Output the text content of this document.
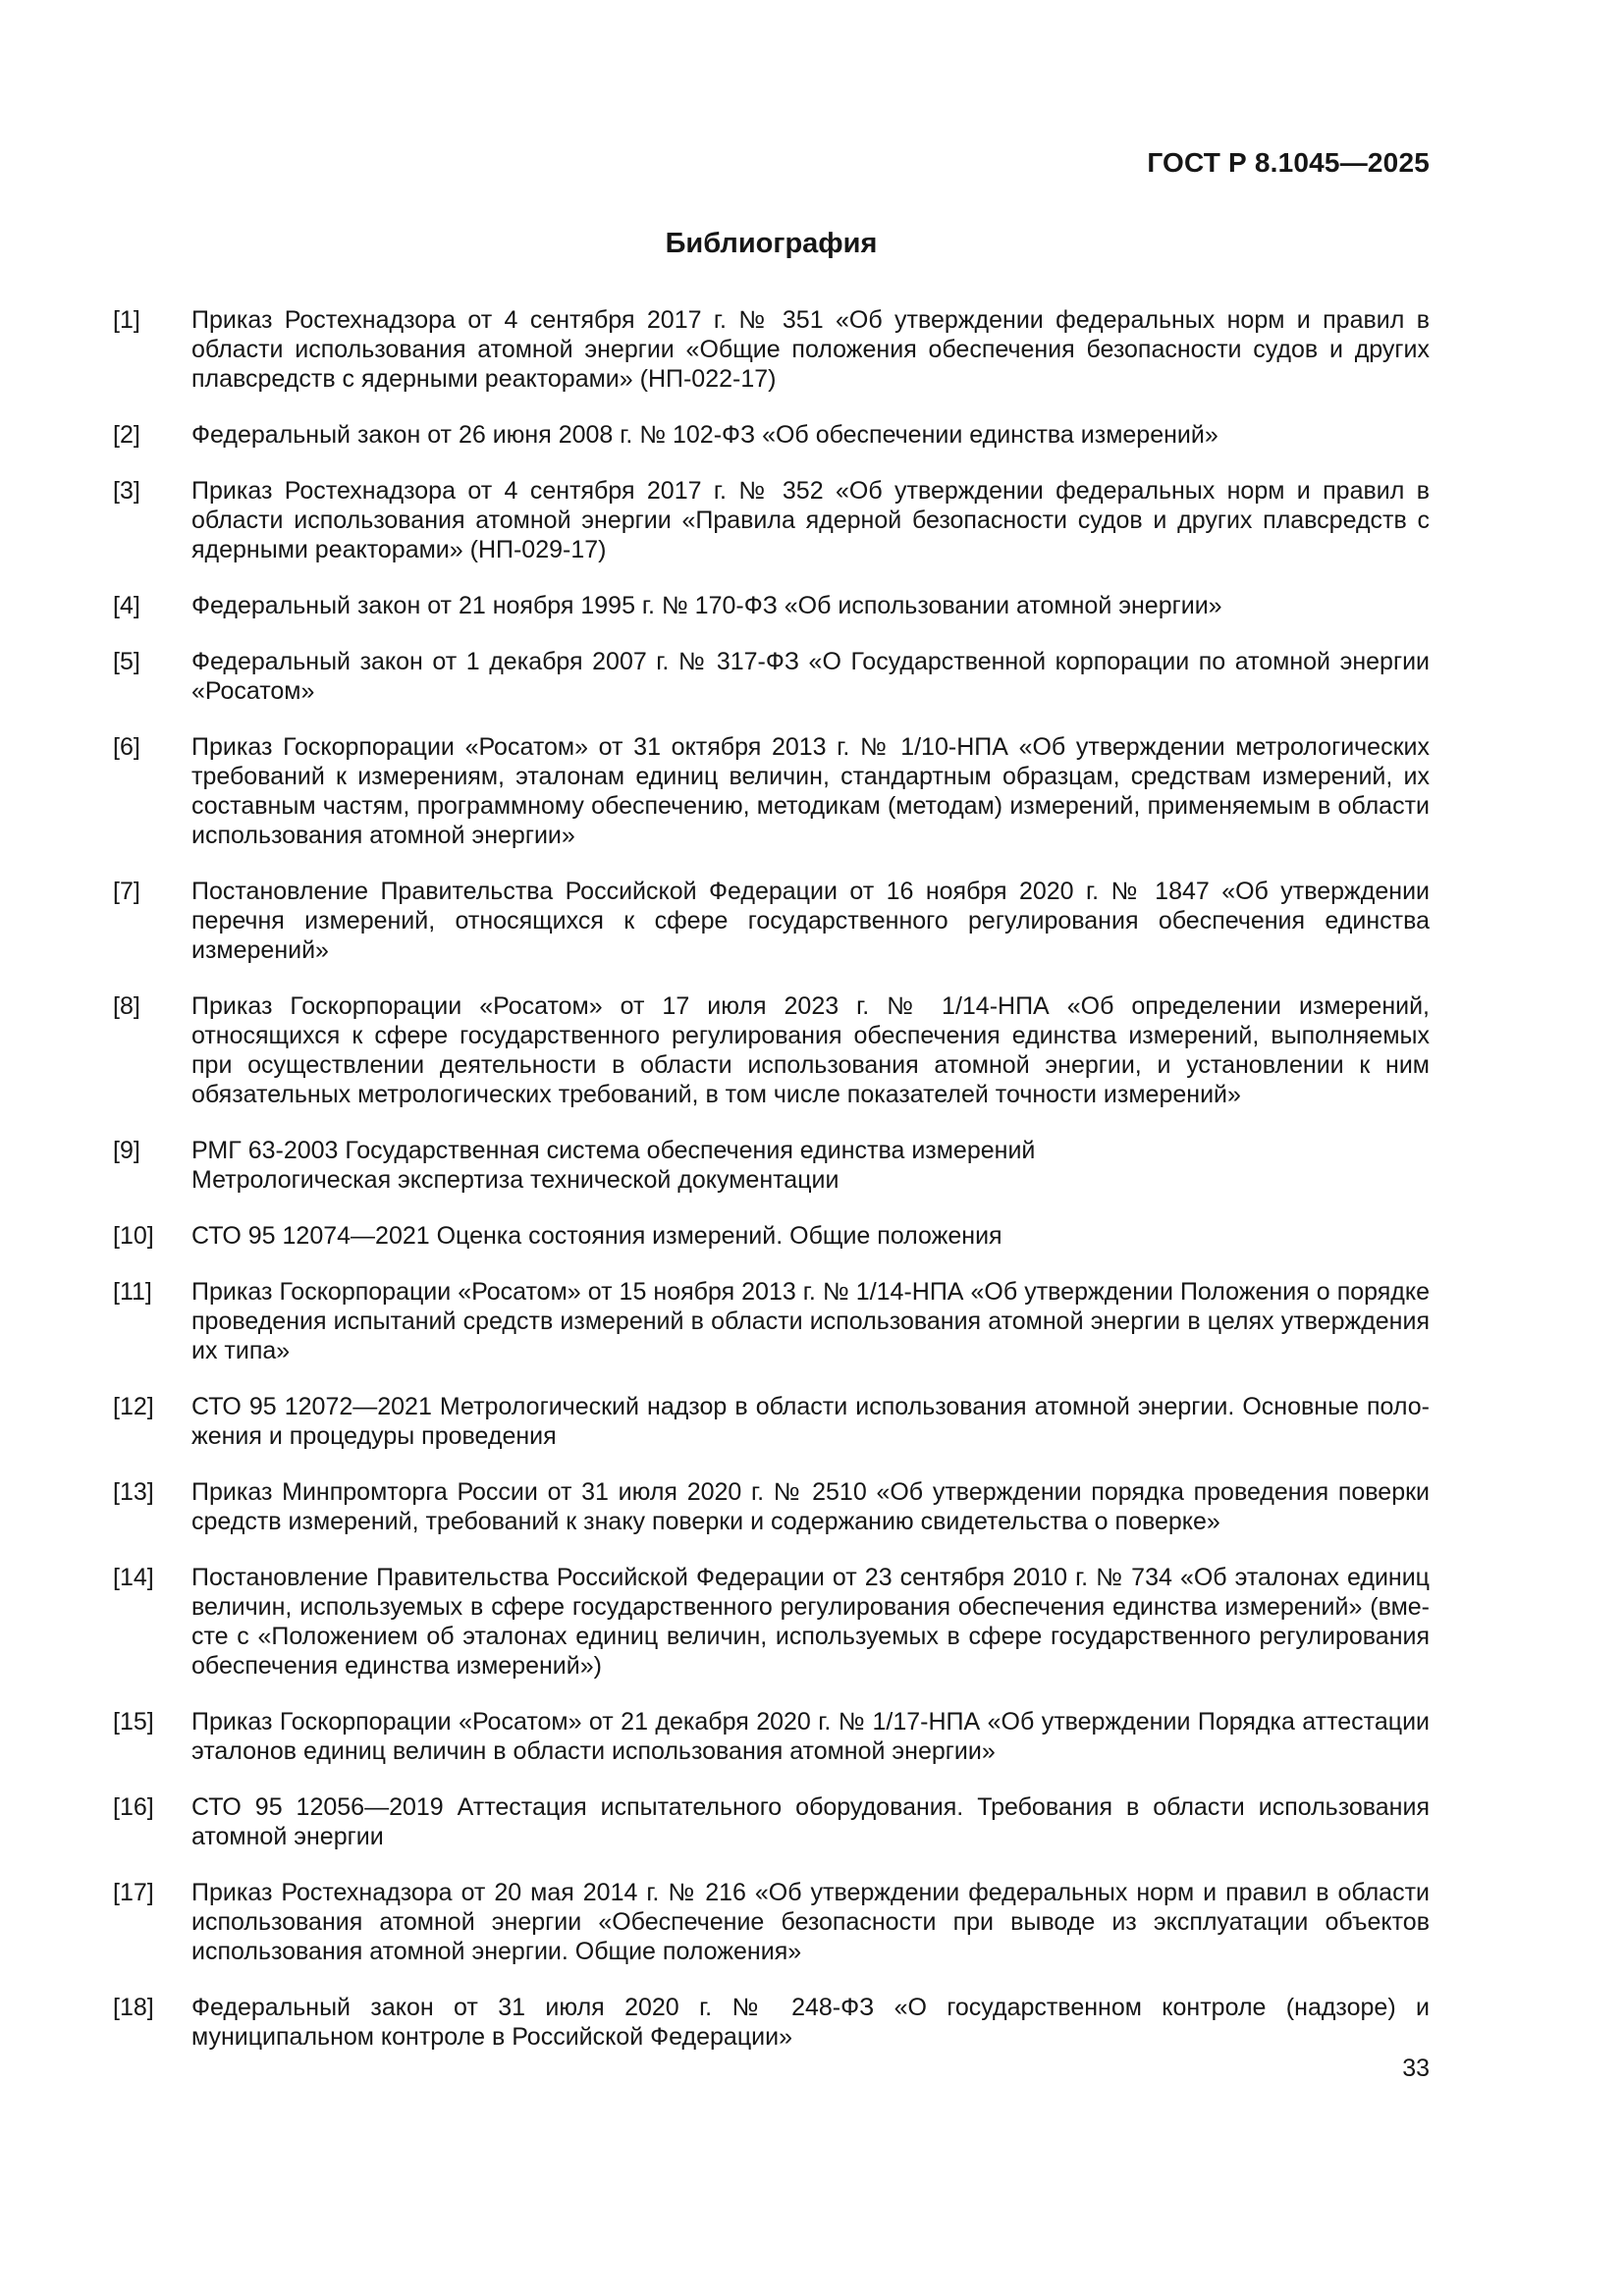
ГОСТ Р 8.1045—2025
Библиография
[1] Приказ Ростехнадзора от 4 сентября 2017 г. № 351 «Об утверждении федеральных норм и правил в области использования атомной энергии «Общие положения обеспечения безопасности судов и других плавсредств с ядерными реакторами» (НП-022-17)
[2] Федеральный закон от 26 июня 2008 г. № 102-ФЗ «Об обеспечении единства измерений»
[3] Приказ Ростехнадзора от 4 сентября 2017 г. № 352 «Об утверждении федеральных норм и правил в области использования атомной энергии «Правила ядерной безопасности судов и других плавсредств с ядерными реакторами» (НП-029-17)
[4] Федеральный закон от 21 ноября 1995 г. № 170-ФЗ «Об использовании атомной энергии»
[5] Федеральный закон от 1 декабря 2007 г. № 317-ФЗ «О Государственной корпорации по атомной энергии «Росатом»
[6] Приказ Госкорпорации «Росатом» от 31 октября 2013 г. № 1/10-НПА «Об утверждении метрологических требований к измерениям, эталонам единиц величин, стандартным образцам, средствам измерений, их составным частям, программному обеспечению, методикам (методам) измерений, применяемым в области использования атомной энергии»
[7] Постановление Правительства Российской Федерации от 16 ноября 2020 г. № 1847 «Об утверждении перечня измерений, относящихся к сфере государственного регулирования обеспечения единства измерений»
[8] Приказ Госкорпорации «Росатом» от 17 июля 2023 г. № 1/14-НПА «Об определении измерений, относящихся к сфере государственного регулирования обеспечения единства измерений, выполняемых при осуществлении деятельности в области использования атомной энергии, и установлении к ним обязательных метрологических требований, в том числе показателей точности измерений»
[9] РМГ 63-2003 Государственная система обеспечения единства измерений
Метрологическая экспертиза технической документации
[10] СТО 95 12074—2021 Оценка состояния измерений. Общие положения
[11] Приказ Госкорпорации «Росатом» от 15 ноября 2013 г. № 1/14-НПА «Об утверждении Положения о порядке проведения испытаний средств измерений в области использования атомной энергии в целях утверждения их типа»
[12] СТО 95 12072—2021 Метрологический надзор в области использования атомной энергии. Основные положения и процедуры проведения
[13] Приказ Минпромторга России от 31 июля 2020 г. № 2510 «Об утверждении порядка проведения поверки средств измерений, требований к знаку поверки и содержанию свидетельства о поверке»
[14] Постановление Правительства Российской Федерации от 23 сентября 2010 г. № 734 «Об эталонах единиц величин, используемых в сфере государственного регулирования обеспечения единства измерений» (вместе с «Положением об эталонах единиц величин, используемых в сфере государственного регулирования обеспечения единства измерений»)
[15] Приказ Госкорпорации «Росатом» от 21 декабря 2020 г. № 1/17-НПА «Об утверждении Порядка аттестации эталонов единиц величин в области использования атомной энергии»
[16] СТО 95 12056—2019 Аттестация испытательного оборудования. Требования в области использования атомной энергии
[17] Приказ Ростехнадзора от 20 мая 2014 г. № 216 «Об утверждении федеральных норм и правил в области использования атомной энергии «Обеспечение безопасности при выводе из эксплуатации объектов использования атомной энергии. Общие положения»
[18] Федеральный закон от 31 июля 2020 г. № 248-ФЗ «О государственном контроле (надзоре) и муниципальном контроле в Российской Федерации»
33
